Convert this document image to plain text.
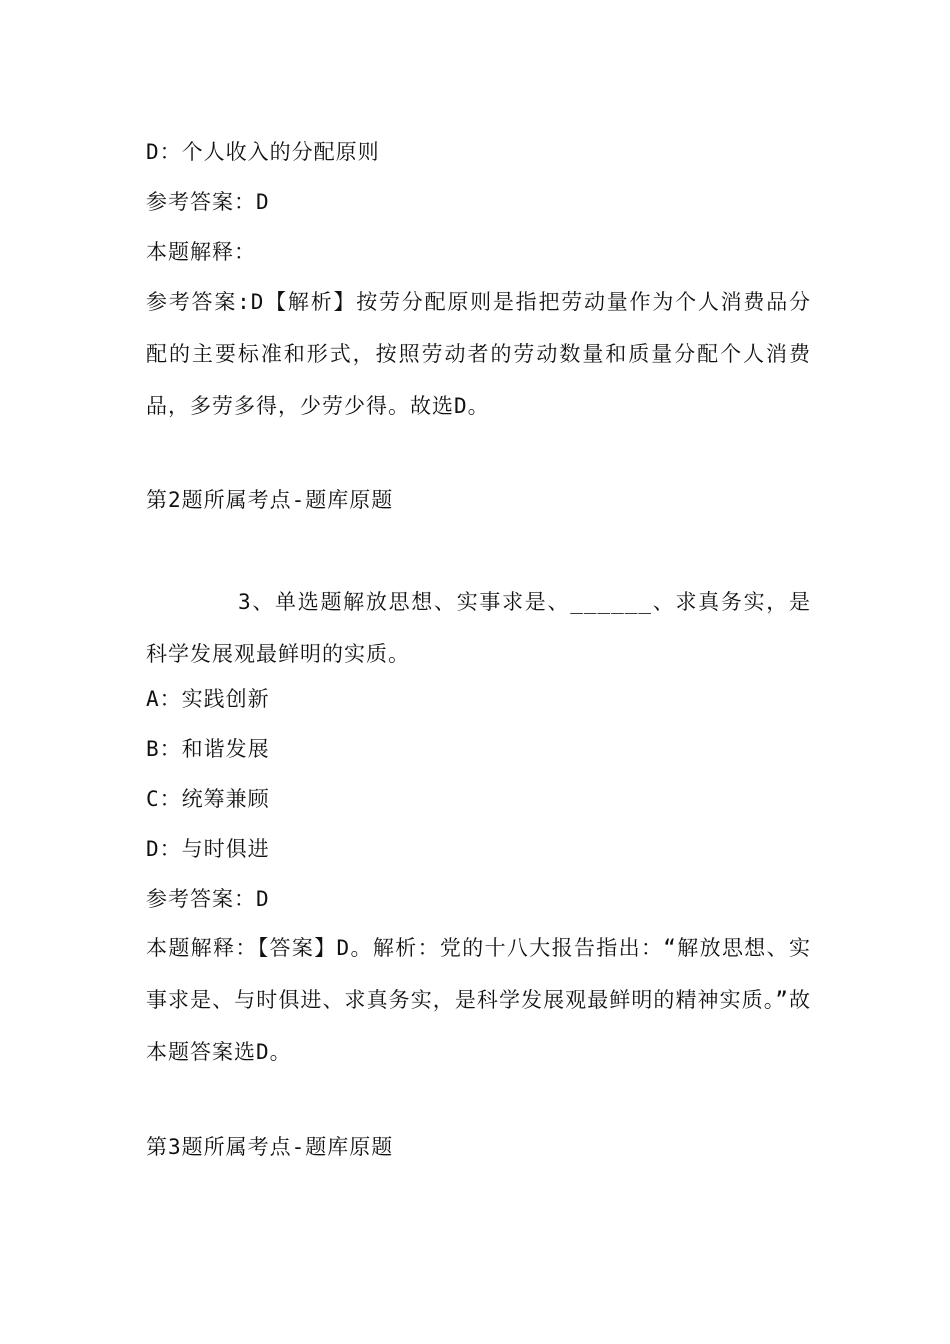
D：个人收入的分配原则
参考答案：D
本题解释：
参考答案:D【解析】按劳分配原则是指把劳动量作为个人消费品分配的主要标准和形式，按照劳动者的劳动数量和质量分配个人消费品，多劳多得，少劳少得。故选D。
第2题所属考点-题库原题
3、单选题解放思想、实事求是、______、求真务实，是科学发展观最鲜明的实质。
A：实践创新
B：和谐发展
C：统筹兼顾
D：与时俱进
参考答案：D
本题解释：【答案】D。解析：党的十八大报告指出：“解放思想、实事求是、与时俱进、求真务实，是科学发展观最鲜明的精神实质。”故本题答案选D。
第3题所属考点-题库原题
